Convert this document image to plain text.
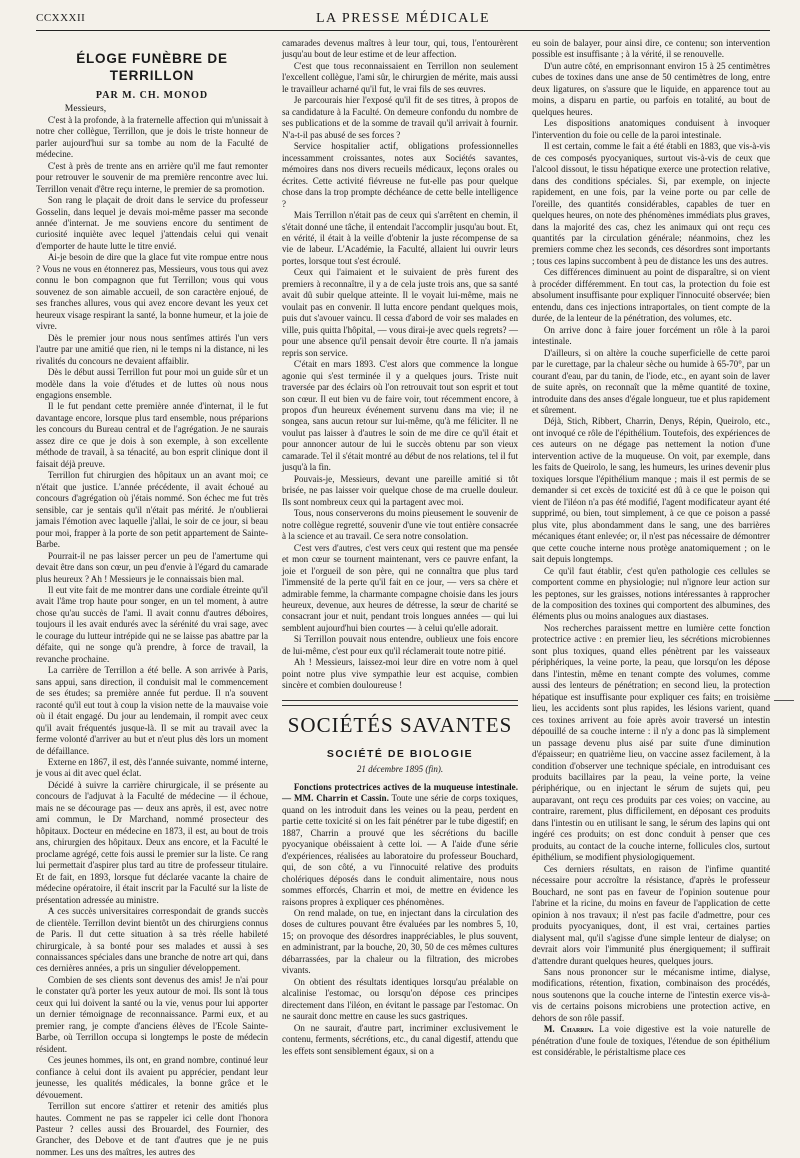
CCXXXII	LA PRESSE MÉDICALE
ÉLOGE FUNÈBRE DE TERRILLON

PAR M. CH. MONOD

Messieurs,

C'est à la profonde, à la fraternelle affection qui m'unissait à notre cher collègue, Terrillon, que je dois le triste honneur de parler aujourd'hui sur sa tombe au nom de la Faculté de médecine.

C'est à près de trente ans en arrière qu'il me faut remonter pour retrouver le souvenir de ma première rencontre avec lui. Terrillon venait d'être reçu interne, le premier de sa promotion.

Son rang le plaçait de droit dans le service du professeur Gosselin, dans lequel je devais moi-même passer ma seconde année d'internat. Je me souviens encore du sentiment de curiosité inquiète avec lequel j'attendais celui qui venait d'emporter de haute lutte le titre envié.

Ai-je besoin de dire que la glace fut vite rompue entre nous ? Vous ne vous en étonnerez pas, Messieurs, vous tous qui avez connu le bon compagnon que fut Terrillon; vous qui vous souvenez de son aimable accueil, de son caractère enjoué, de ses franches allures, vous qui avez encore devant les yeux cet heureux visage respirant la santé, la bonne humeur, et la joie de vivre.

Dès le premier jour nous nous sentîmes attirés l'un vers l'autre par une amitié que rien, ni le temps ni la distance, ni les rivalités du concours ne devaient affaiblir.

Dès le début aussi Terrillon fut pour moi un guide sûr et un modèle dans la voie d'études et de luttes où nous nous engagions ensemble.

Il le fut pendant cette première année d'internat, il le fut davantage encore, lorsque plus tard ensemble, nous préparions les concours du Bureau central et de l'agrégation. Je ne saurais assez dire ce que je dois à son exemple, à son excellente méthode de travail, à sa ténacité, au bon esprit clinique dont il faisait déjà preuve.

Terrillon fut chirurgien des hôpitaux un an avant moi; ce n'était que justice. L'année précédente, il avait échoué au concours d'agrégation où j'étais nommé. Son échec me fut très sensible, car je sentais qu'il n'était pas mérité. Je n'oublierai jamais l'émotion avec laquelle j'allai, le soir de ce jour, si beau pour moi, frapper à la porte de son petit appartement de Sainte-Barbe.

Pourrait-il ne pas laisser percer un peu de l'amertume qui devait être dans son cœur, un peu d'envie à l'égard du camarade plus heureux ? Ah ! Messieurs je le connaissais bien mal.

Il eut vite fait de me montrer dans une cordiale étreinte qu'il avait l'âme trop haute pour songer, en un tel moment, à autre chose qu'au succès de l'ami. Il avait connu d'autres déboires, toujours il les avait endurés avec la sérénité du vrai sage, avec le courage du lutteur intrépide qui ne se laisse pas abattre par la défaite, qui ne songe qu'à prendre, à force de travail, la revanche prochaine.

La carrière de Terrillon a été belle. A son arrivée à Paris, sans appui, sans direction, il conduisit mal le commencement de ses études; sa première année fut perdue. Il n'a souvent raconté qu'il eut tout à coup la vision nette de la mauvaise voie où il était engagé. Du jour au lendemain, il rompit avec ceux qu'il avait fréquentés jusque-là. Il se mit au travail avec la ferme volonté d'arriver au but et n'eut plus dès lors un moment de défaillance.

Externe en 1867, il est, dès l'année suivante, nommé interne, je vous ai dit avec quel éclat.

Décidé à suivre la carrière chirurgicale, il se présente au concours de l'adjuvat à la Faculté de médecine — il échoue, mais ne se décourage pas — deux ans après, il est, avec notre ami commun, le Dr Marchand, nommé prosecteur des hôpitaux. Docteur en médecine en 1873, il est, au bout de trois ans, chirurgien des hôpitaux. Deux ans encore, et la Faculté le proclame agrégé, cette fois aussi le premier sur la liste. Ce rang lui permettait d'aspirer plus tard au titre de professeur titulaire. Et de fait, en 1893, lorsque fut déclarée vacante la chaire de médecine opératoire, il était inscrit par la Faculté sur la liste de présentation adressée au ministre.

A ces succès universitaires correspondait de grands succès de clientèle. Terrillon devint bientôt un des chirurgiens connus de Paris. Il dut cette situation à sa très réelle habileté chirurgicale, à sa bonté pour ses malades et aussi à ses connaissances spéciales dans une branche de notre art qui, dans ces dernières années, a pris un singulier développement.

Combien de ses clients sont devenus des amis! Je n'ai pour le constater qu'à porter les yeux autour de moi. Ils sont là tous ceux qui lui doivent la santé ou la vie, venus pour lui apporter un dernier témoignage de reconnaissance. Parmi eux, et au premier rang, je compte d'anciens élèves de l'Ecole Sainte-Barbe, où Terrillon occupa si longtemps le poste de médecin résident.

Ces jeunes hommes, ils ont, en grand nombre, continué leur confiance à celui dont ils avaient pu apprécier, pendant leur jeunesse, les qualités médicales, la bonne grâce et le dévouement.

Terrillon sut encore s'attirer et retenir des amitiés plus hautes. Comment ne pas se rappeler ici celle dont l'honora Pasteur ? celles aussi des Brouardel, des Fournier, des Grancher, des Debove et de tant d'autres que je ne puis nommer. Les uns des maîtres, les autres des

camarades devenus maîtres à leur tour, qui, tous, l'entourèrent jusqu'au bout de leur estime et de leur affection.

C'est que tous reconnaissaient en Terrillon non seulement l'excellent collègue, l'ami sûr, le chirurgien de mérite, mais aussi le travailleur acharné qu'il fut, le vrai fils de ses œuvres.

Je parcourais hier l'exposé qu'il fit de ses titres, à propos de sa candidature à la Faculté. On demeure confondu du nombre de ses publications et de la somme de travail qu'il arrivait à fournir. N'a-t-il pas abusé de ses forces ?

Service hospitalier actif, obligations professionnelles incessamment croissantes, notes aux Sociétés savantes, mémoires dans nos divers recueils médicaux, leçons orales ou écrites. Cette activité fiévreuse ne fut-elle pas pour quelque chose dans la trop prompte déchéance de cette belle intelligence ?

Mais Terrillon n'était pas de ceux qui s'arrêtent en chemin, il s'était donné une tâche, il entendait l'accomplir jusqu'au bout. Et, en vérité, il était à la veille d'obtenir la juste récompense de sa vie de labeur. L'Académie, la Faculté, allaient lui ouvrir leurs portes, lorsque tout s'est écroulé.

Ceux qui l'aimaient et le suivaient de près furent des premiers à reconnaître, il y a de cela juste trois ans, que sa santé avait dû subir quelque atteinte. Il le voyait lui-même, mais ne voulait pas en convenir. Il lutta encore pendant quelques mois, puis dut s'avouer vaincu. Il cessa d'abord de voir ses malades en ville, puis quitta l'hôpital, — vous dirai-je avec quels regrets? — pour une absence qu'il pensait devoir être courte. Il n'a jamais repris son service.

C'était en mars 1893. C'est alors que commence la longue agonie qui s'est terminée il y a quelques jours. Triste nuit traversée par des éclairs où l'on retrouvait tout son esprit et tout son cœur. Il eut bien vu de faire voir, tout récemment encore, à propos d'un heureux événement survenu dans ma vie; il ne songea, sans aucun retour sur lui-même, qu'à me féliciter. Il ne voulut pas laisser à d'autres le soin de me dire ce qu'il était et pour annoncer autour de lui le succès obtenu par son vieux camarade. Tel il s'était montré au début de nos relations, tel il fut jusqu'à la fin.

Pouvais-je, Messieurs, devant une pareille amitié si tôt brisée, ne pas laisser voir quelque chose de ma cruelle douleur. Ils sont nombreux ceux qui la partagent avec moi.

Tous, nous conserverons du moins pieusement le souvenir de notre collègue regretté, souvenir d'une vie tout entière consacrée à la science et au travail. Ce sera notre consolation.

C'est vers d'autres, c'est vers ceux qui restent que ma pensée et mon cœur se tournent maintenant, vers ce pauvre enfant, la joie et l'orgueil de son père, qui ne connaîtra que plus tard l'immensité de la perte qu'il fait en ce jour, — vers sa chère et admirable femme, la charmante compagne choisie dans les jours heureux, devenue, aux heures de détresse, la sœur de charité se consacrant jour et nuit, pendant trois longues années — qui lui semblent aujourd'hui bien courtes — à celui qu'elle adorait.

Si Terrillon pouvait nous entendre, oublieux une fois encore de lui-même, c'est pour eux qu'il réclamerait toute notre pitié.

Ah ! Messieurs, laissez-moi leur dire en votre nom à quel point notre plus vive sympathie leur est acquise, combien sincère et combien douloureuse !

SOCIÉTÉS SAVANTES
SOCIÉTÉ DE BIOLOGIE
21 décembre 1895 (fin).

Fonctions protectrices actives de la muqueuse intestinale. — MM. Charrin et Cassin. Toute une série de corps toxiques, quand on les introduit dans les veines ou la peau, perdent en partie cette toxicité si on les fait pénétrer par le tube digestif; en 1887, Charrin a prouvé que les sécrétions du bacille pyocyanique obéissaient à cette loi. — A l'aide d'une série d'expériences, réalisées au laboratoire du professeur Bouchard, qui, de son côté, a vu l'innocuité relative des produits cholériques déposés dans le conduit alimentaire, nous nous sommes efforcés, Charrin et moi, de mettre en évidence les raisons propres à expliquer ces phénomènes.

On rend malade, on tue, en injectant dans la circulation des doses de cultures pouvant être évaluées par les nombres 5, 10, 15; on provoque des désordres inappréciables, le plus souvent, en administrant, par la bouche, 20, 30, 50 de ces mêmes cultures débarrassées, par la chaleur ou la filtration, des microbes vivants.

On obtient des résultats identiques lorsqu'au préalable on alcalinise l'estomac, ou lorsqu'on dépose ces principes directement dans l'iléon, en évitant le passage par l'estomac. On ne saurait donc mettre en cause les sucs gastriques.

On ne saurait, d'autre part, incriminer exclusivement le contenu, ferments, sécrétions, etc., du canal digestif, attendu que les effets sont sensiblement égaux, si on a

eu soin de balayer, pour ainsi dire, ce contenu; son intervention possible est insuffisante ; à la vérité, il se renouvelle.

D'un autre côté, en emprisonnant environ 15 à 25 centimètres cubes de toxines dans une anse de 50 centimètres de long, entre deux ligatures, on s'assure que le liquide, en apparence tout au moins, a disparu en partie, ou parfois en totalité, au bout de quelques heures.

Les dispositions anatomiques conduisent à invoquer l'intervention du foie ou celle de la paroi intestinale.

Il est certain, comme le fait a été établi en 1883, que vis-à-vis de ces composés pyocyaniques, surtout vis-à-vis de ceux que l'alcool dissout, le tissu hépatique exerce une protection relative, dans des conditions spéciales. Si, par exemple, on injecte rapidement, en une fois, par la veine porte ou par celle de l'oreille, des quantités considérables, capables de tuer en quelques heures, on note des phénomènes immédiats plus graves, dans la majorité des cas, chez les animaux qui ont reçu ces quantités par la circulation générale; néanmoins, chez les premiers comme chez les seconds, ces désordres sont importants ; tous ces lapins succombent à peu de distance les uns des autres.

Ces différences diminuent au point de disparaître, si on vient à procéder différemment. En tout cas, la protection du foie est absolument insuffisante pour expliquer l'innocuité observée; bien entendu, dans ces injections intraportales, on tient compte de la durée, de la lenteur de la pénétration, des volumes, etc.

On arrive donc à faire jouer forcément un rôle à la paroi intestinale.

D'ailleurs, si on altère la couche superficielle de cette paroi par le curettage, par la chaleur sèche ou humide à 65-70°, par un courant d'eau, par du tanin, de l'iode, etc., en ayant soin de laver de suite après, on reconnaît que la même quantité de toxine, introduite dans des anses d'égale longueur, tue et plus rapidement et sûrement.

Déjà, Stich, Ribbert, Charrin, Denys, Répin, Queirolo, etc., ont invoqué ce rôle de l'épithélium. Toutefois, des expériences de ces auteurs on ne dégage pas nettement la notion d'une intervention active de la muqueuse. On voit, par exemple, dans les faits de Queirolo, le sang, les humeurs, les urines devenir plus toxiques lorsque l'épithélium manque ; mais il est permis de se demander si cet excès de toxicité est dû à ce que le poison qui vient de l'iléon n'a pas été modifié, l'agent modificateur ayant été supprimé, ou bien, tout simplement, à ce que ce poison a passé plus vite, plus abondamment dans le sang, une des barrières mécaniques étant enlevée; or, il n'est pas nécessaire de démontrer que cette couche interne nous protège anatomiquement ; on le sait depuis longtemps.

Ce qu'il faut établir, c'est qu'en pathologie ces cellules se comportent comme en physiologie; nul n'ignore leur action sur les peptones, sur les graisses, notions intéressantes à rapprocher de la composition des toxines qui comportent des albumines, des éléments plus ou moins analogues aux diastases.

Nos recherches paraissent mettre en lumière cette fonction protectrice active : en premier lieu, les sécrétions microbiennes sont plus toxiques, quand elles pénètrent par les vaisseaux périphériques, la veine porte, la peau, que lorsqu'on les dépose dans l'intestin, même en tenant compte des volumes, comme aussi des lenteurs de pénétration; en second lieu, la protection hépatique est insuffisante pour expliquer ces faits; en troisième lieu, les accidents sont plus rapides, les lésions varient, quand ces toxines arrivent au foie après avoir traversé un intestin dépouillé de sa couche interne : il n'y a donc pas là simplement un passage devenu plus aisé par suite d'une diminution d'épaisseur; en quatrième lieu, on vaccine assez facilement, à la condition d'observer une technique spéciale, en introduisant ces produits bacillaires par la peau, la veine porte, la veine périphérique, ou en injectant le sérum de sujets qui, peu auparavant, ont reçu ces produits par ces voies; on vaccine, au contraire, rarement, plus difficilement, en déposant ces produits dans l'intestin ou en utilisant le sang, le sérum des lapins qui ont ingéré ces produits; on est donc conduit à penser que ces produits, au contact de la couche interne, follicules clos, surtout épithélium, se modifient physiologiquement.

Ces derniers résultats, en raison de l'infime quantité nécessaire pour accroître la résistance, d'après le professeur Bouchard, ne sont pas en faveur de l'opinion soutenue pour l'abrine et la ricine, du moins en faveur de l'application de cette opinion à nos travaux; il n'est pas facile d'admettre, pour ces produits pyocyaniques, dont, il est vrai, certaines parties dialysent mal, qu'il s'agisse d'une simple lenteur de dialyse; on devrait alors voir l'immunité plus énergiquement; il suffirait d'attendre durant quelques heures, quelques jours.

Sans nous prononcer sur le mécanisme intime, dialyse, modifications, rétention, fixation, combinaison des procédés, nous soutenons que la couche interne de l'intestin exerce vis-à-vis de certains poisons microbiens une protection active, en dehors de son rôle passif.

M. Charrin. La voie digestive est la voie naturelle de pénétration d'une foule de toxiques, l'étendue de son épithélium est considérable, le péristaltisme place ces
